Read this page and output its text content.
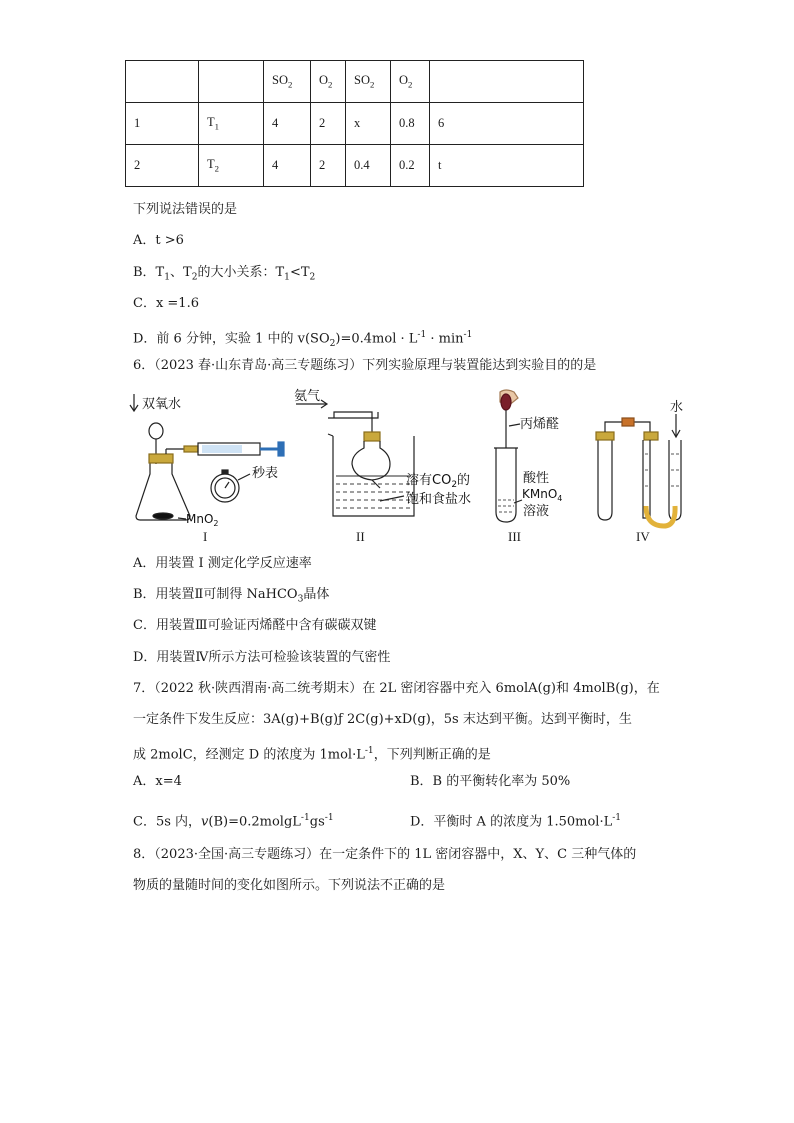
		$SO_2$	$O_2$	$SO_2$	$O_2$	
1	$T_1$	4	2	x	0.8	6
2	$T_2$	4	2	0.4	0.2	t
下列说法错误的是
A．t >6
B．$T_1$、$T_2$的大小关系：$T_1<T_2$
C．x =1.6
D．前 6 分钟，实验 1 中的 $v(SO_2)=0.4mol \cdot L^{-1} \cdot \min^{-1}$
6．（2023 春·山东青岛·高三专题练习）下列实验原理与装置能达到实验目的的是
双氧水
秒表
MnO$_2$
氨气
溶有$CO_2$的
饱和食盐水
丙烯醛
酸性
KMnO$_4$
溶液
水
I	II	III	IV
A．用装置 I 测定化学反应速率
B．用装置Ⅱ可制得 NaHCO$_3$晶体
C．用装置Ⅲ可验证丙烯醛中含有碳碳双键
D．用装置Ⅳ所示方法可检验该装置的气密性
7．（2022 秋·陕西渭南·高二统考期末）在 2L 密闭容器中充入 6molA(g)和 4molB(g)，在
一定条件下发生反应：3A(g)+B(g)ƒ 2C(g)+xD(g)，5s 末达到平衡。达到平衡时，生
成 2molC，经测定 D 的浓度为 $1mol\cdot L^{-1}$，下列判断正确的是
A．x=4	B．B 的平衡转化率为 50%
C．5s 内，$v(B)=0.2molgL^{-1}gs^{-1}$	D．平衡时 A 的浓度为 $1.50mol\cdot L^{-1}$
8．（2023·全国·高三专题练习）在一定条件下的 1L 密闭容器中，X、Y、C 三种气体的
物质的量随时间的变化如图所示。下列说法不正确的是
